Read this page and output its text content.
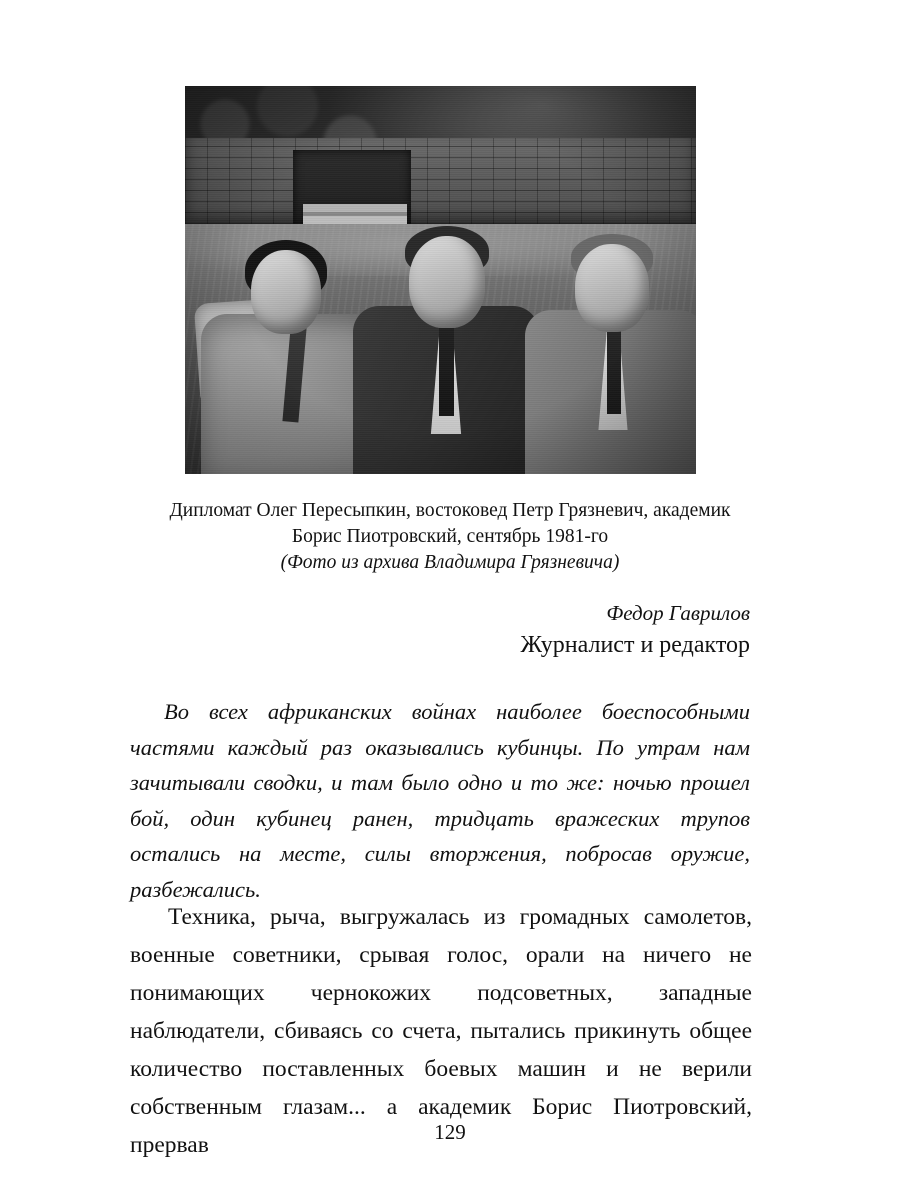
Дипломат Олег Пересыпкин, востоковед Петр Грязневич, академик
Борис Пиотровский, сентябрь 1981-го
(Фото из архива Владимира Грязневича)
Федор Гаврилов
Журналист и редактор
Во всех африканских войнах наиболее боеспособными частями каждый раз оказывались кубинцы. По утрам нам зачитывали сводки, и там было одно и то же: ночью прошел бой, один кубинец ранен, тридцать вражеских трупов остались на месте, силы вторжения, побросав оружие, разбежались.
Техника, рыча, выгружалась из громадных самолетов, военные советники, срывая голос, орали на ничего не понимающих чернокожих подсоветных, западные наблюдатели, сбиваясь со счета, пытались прикинуть общее количество поставленных боевых машин и не верили собственным глазам... а академик Борис Пиотровский, прервав	129
